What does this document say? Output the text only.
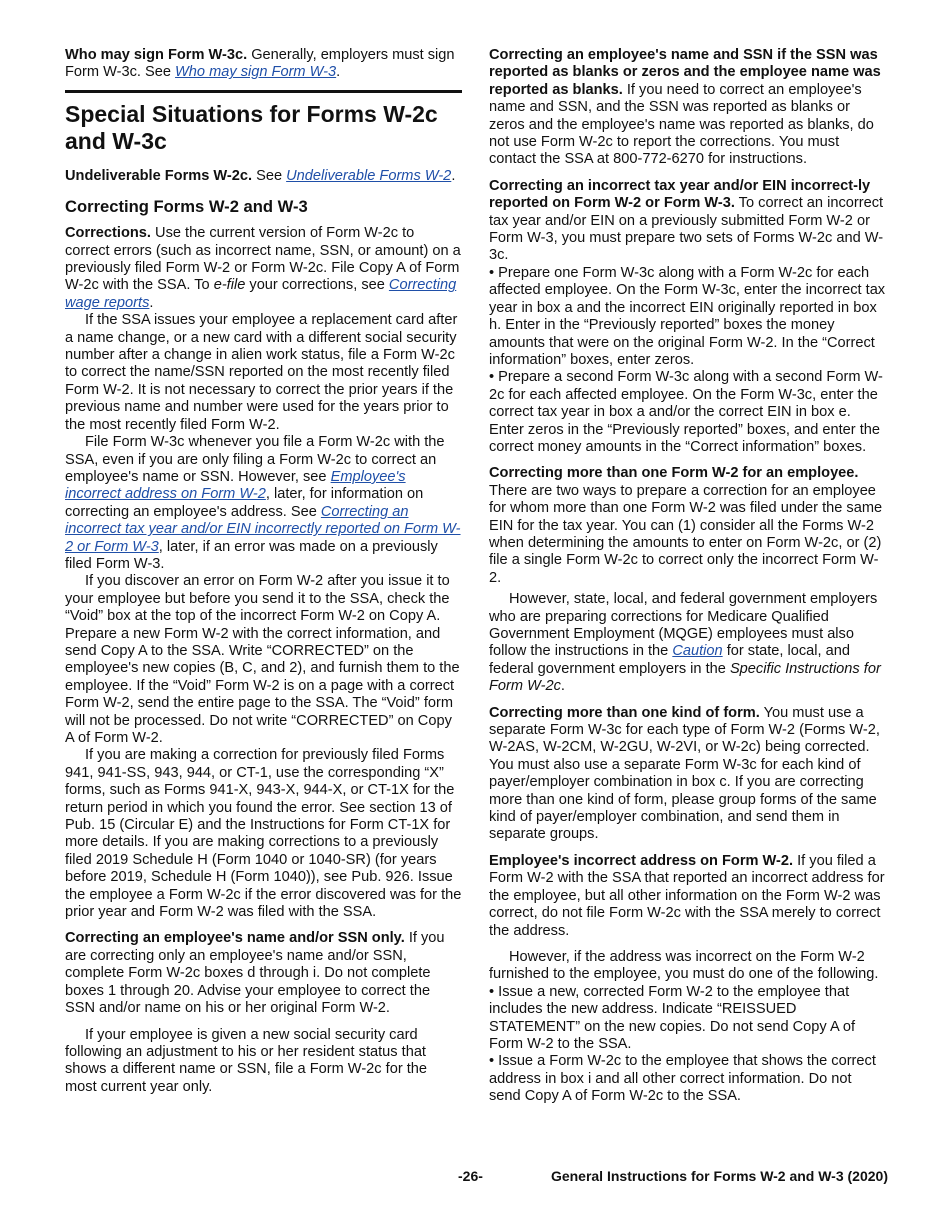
Who may sign Form W-3c. Generally, employers must sign Form W-3c. See Who may sign Form W-3.

Special Situations for Forms W-2c and W-3c

Undeliverable Forms W-2c. See Undeliverable Forms W-2.

Correcting Forms W-2 and W-3

Corrections. Use the current version of Form W-2c to correct errors (such as incorrect name, SSN, or amount) on a previously filed Form W-2 or Form W-2c. File Copy A of Form W-2c with the SSA. To e-file your corrections, see Correcting wage reports.

If the SSA issues your employee a replacement card after a name change, or a new card with a different social security number after a change in alien work status, file a Form W-2c to correct the name/SSN reported on the most recently filed Form W-2. It is not necessary to correct the prior years if the previous name and number were used for the years prior to the most recently filed Form W-2.

File Form W-3c whenever you file a Form W-2c with the SSA, even if you are only filing a Form W-2c to correct an employee's name or SSN. However, see Employee's incorrect address on Form W-2, later, for information on correcting an employee's address. See Correcting an incorrect tax year and/or EIN incorrectly reported on Form W-2 or Form W-3, later, if an error was made on a previously filed Form W-3.

If you discover an error on Form W-2 after you issue it to your employee but before you send it to the SSA, check the “Void” box at the top of the incorrect Form W-2 on Copy A. Prepare a new Form W-2 with the correct information, and send Copy A to the SSA. Write “CORRECTED” on the employee's new copies (B, C, and 2), and furnish them to the employee. If the “Void” Form W-2 is on a page with a correct Form W-2, send the entire page to the SSA. The “Void” form will not be processed. Do not write “CORRECTED” on Copy A of Form W-2.

If you are making a correction for previously filed Forms 941, 941-SS, 943, 944, or CT-1, use the corresponding “X” forms, such as Forms 941-X, 943-X, 944-X, or CT-1X for the return period in which you found the error. See section 13 of Pub. 15 (Circular E) and the Instructions for Form CT-1X for more details. If you are making corrections to a previously filed 2019 Schedule H (Form 1040 or 1040-SR) (for years before 2019, Schedule H (Form 1040)), see Pub. 926. Issue the employee a Form W-2c if the error discovered was for the prior year and Form W-2 was filed with the SSA.

Correcting an employee's name and/or SSN only. If you are correcting only an employee's name and/or SSN, complete Form W-2c boxes d through i. Do not complete boxes 1 through 20. Advise your employee to correct the SSN and/or name on his or her original Form W-2.

If your employee is given a new social security card following an adjustment to his or her resident status that shows a different name or SSN, file a Form W-2c for the most current year only.

Correcting an employee's name and SSN if the SSN was reported as blanks or zeros and the employee name was reported as blanks. If you need to correct an employee's name and SSN, and the SSN was reported as blanks or zeros and the employee's name was reported as blanks, do not use Form W-2c to report the corrections. You must contact the SSA at 800-772-6270 for instructions.

Correcting an incorrect tax year and/or EIN incorrect-ly reported on Form W-2 or Form W-3. To correct an incorrect tax year and/or EIN on a previously submitted Form W-2 or Form W-3, you must prepare two sets of Forms W-2c and W-3c.

• Prepare one Form W-3c along with a Form W-2c for each affected employee. On the Form W-3c, enter the incorrect tax year in box a and the incorrect EIN originally reported in box h. Enter in the “Previously reported” boxes the money amounts that were on the original Form W-2. In the “Correct information” boxes, enter zeros.

• Prepare a second Form W-3c along with a second Form W-2c for each affected employee. On the Form W-3c, enter the correct tax year in box a and/or the correct EIN in box e. Enter zeros in the “Previously reported” boxes, and enter the correct money amounts in the “Correct information” boxes.

Correcting more than one Form W-2 for an employee.
There are two ways to prepare a correction for an employee for whom more than one Form W-2 was filed under the same EIN for the tax year. You can (1) consider all the Forms W-2 when determining the amounts to enter on Form W-2c, or (2) file a single Form W-2c to correct only the incorrect Form W-2.

However, state, local, and federal government employers who are preparing corrections for Medicare Qualified Government Employment (MQGE) employees must also follow the instructions in the Caution for state, local, and federal government employers in the Specific Instructions for Form W-2c.

Correcting more than one kind of form. You must use a separate Form W-3c for each type of Form W-2 (Forms W-2, W-2AS, W-2CM, W-2GU, W-2VI, or W-2c) being corrected. You must also use a separate Form W-3c for each kind of payer/employer combination in box c. If you are correcting more than one kind of form, please group forms of the same kind of payer/employer combination, and send them in separate groups.

Employee's incorrect address on Form W-2. If you filed a Form W-2 with the SSA that reported an incorrect address for the employee, but all other information on the Form W-2 was correct, do not file Form W-2c with the SSA merely to correct the address.

However, if the address was incorrect on the Form W-2 furnished to the employee, you must do one of the following.

• Issue a new, corrected Form W-2 to the employee that includes the new address. Indicate “REISSUED STATEMENT” on the new copies. Do not send Copy A of Form W-2 to the SSA.

• Issue a Form W-2c to the employee that shows the correct address in box i and all other correct information. Do not send Copy A of Form W-2c to the SSA.

-26-	General Instructions for Forms W-2 and W-3 (2020)
